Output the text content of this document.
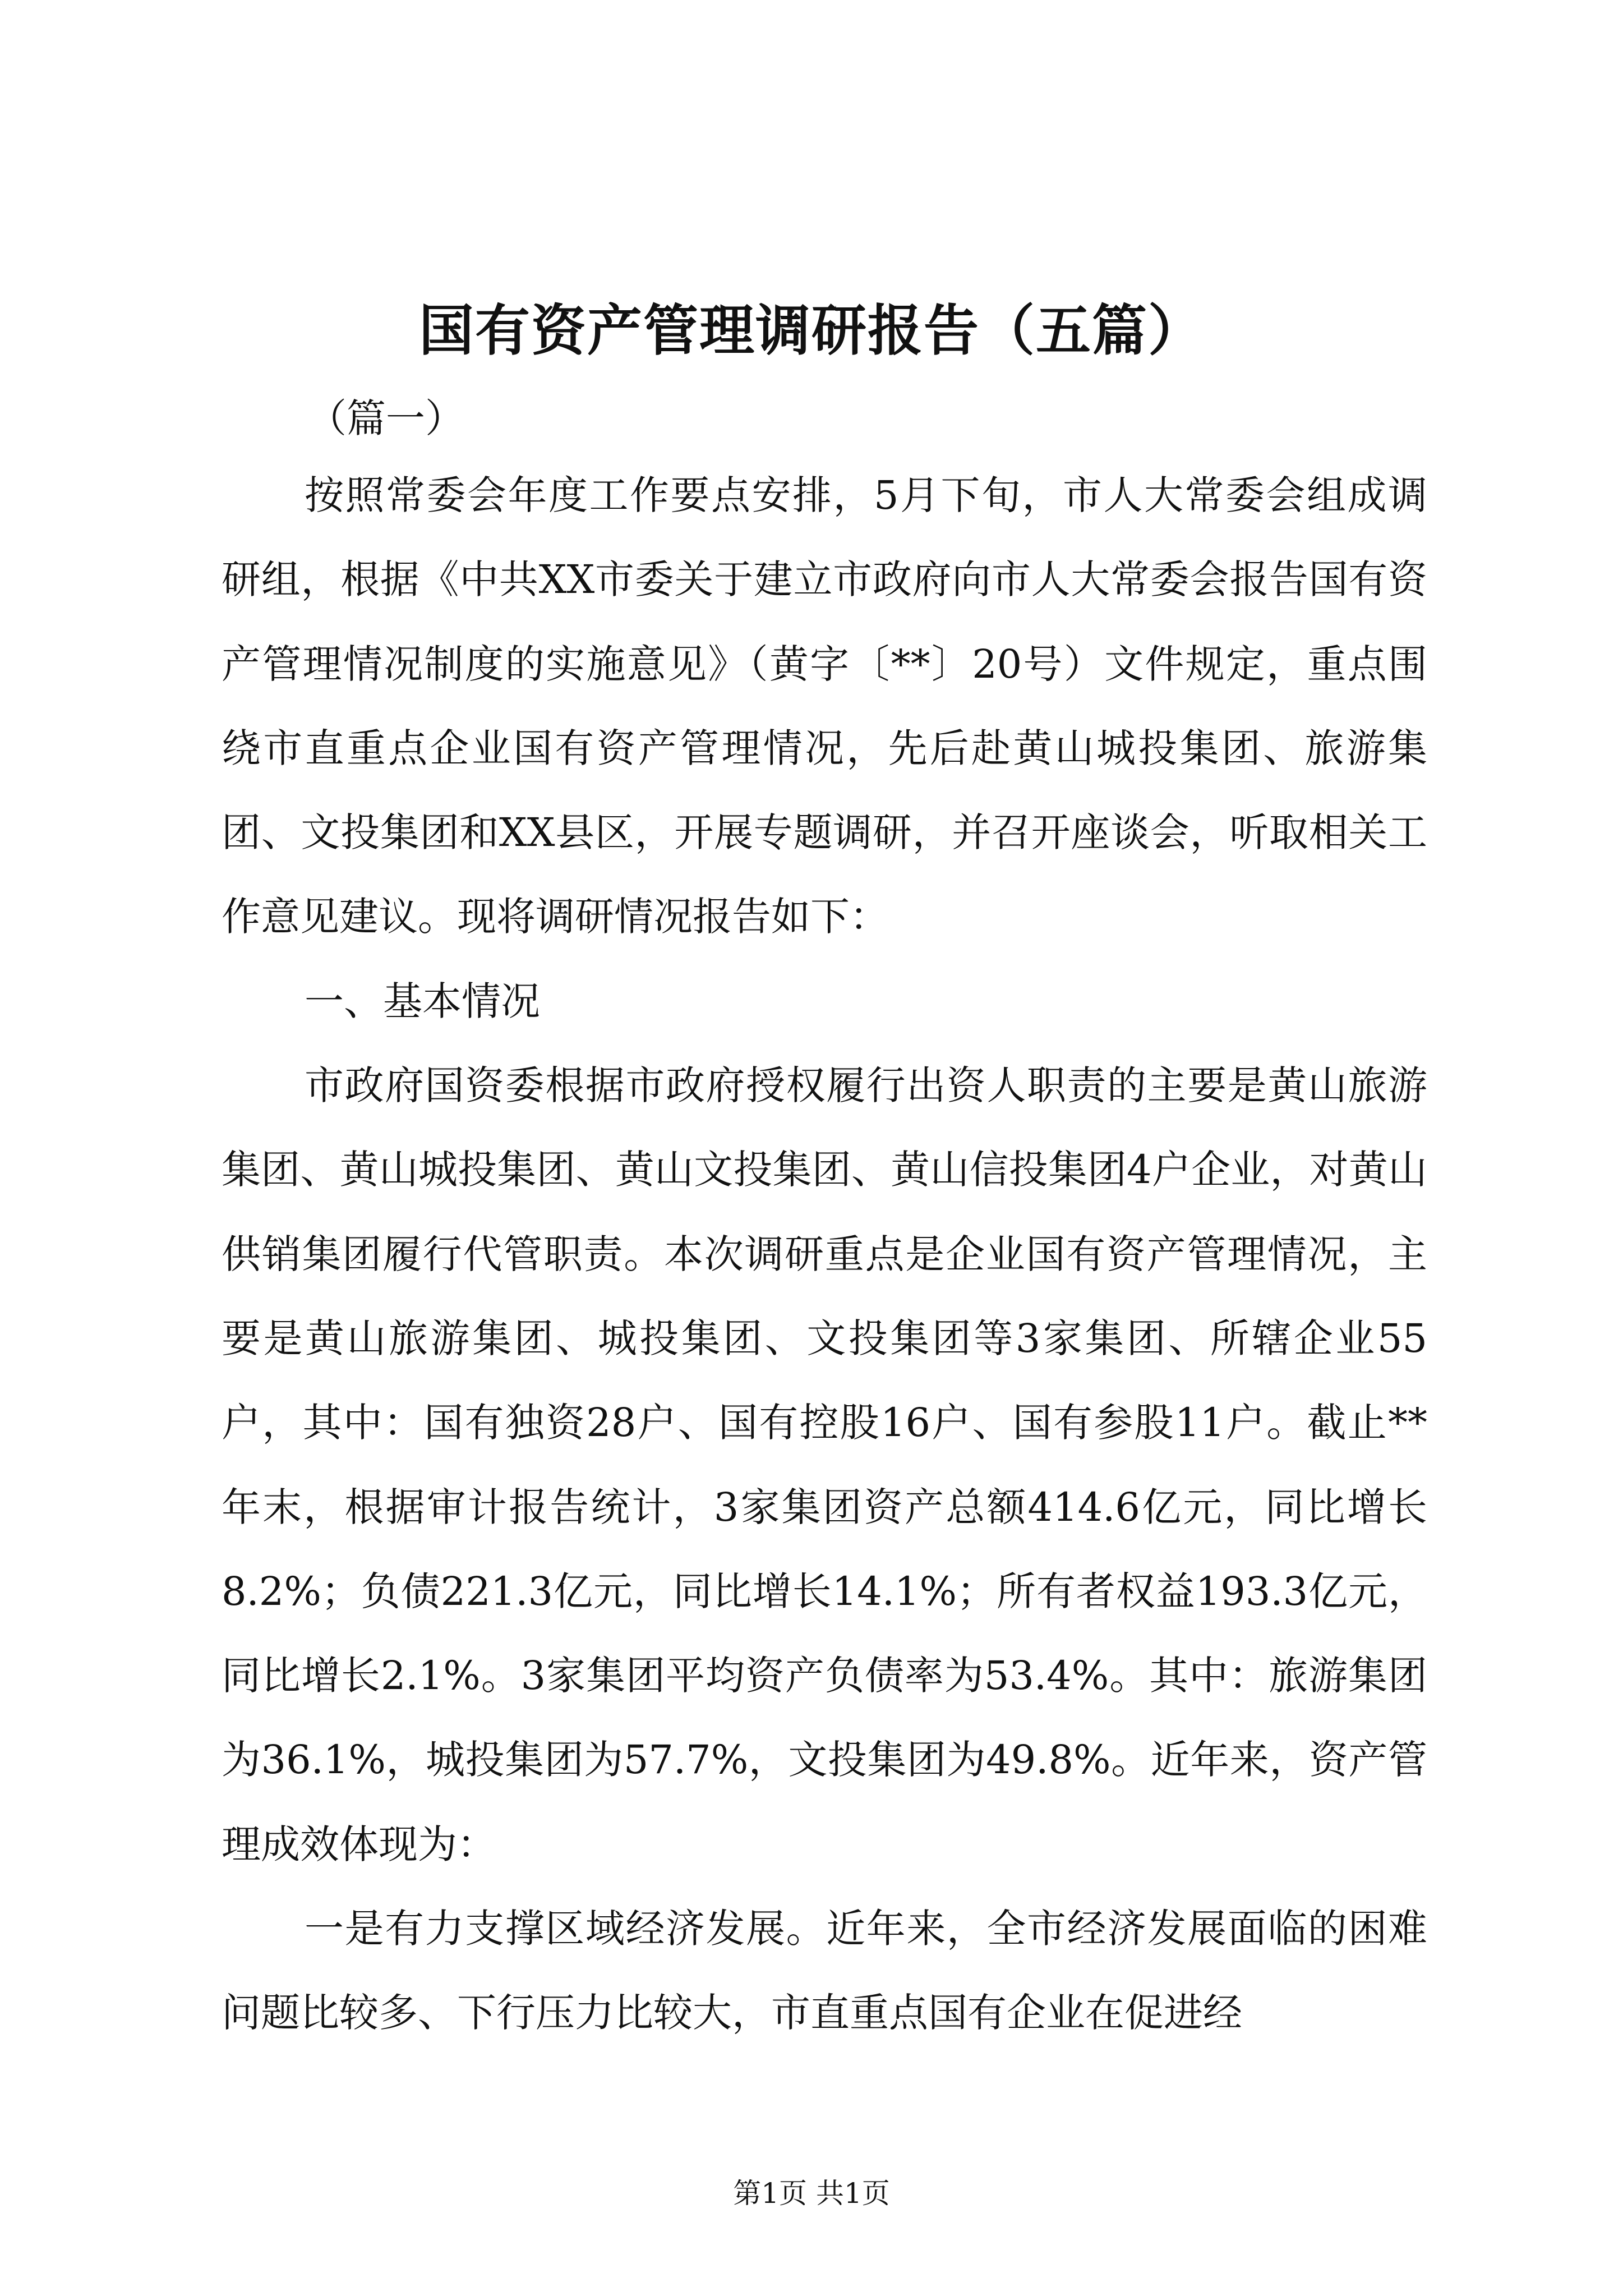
国有资产管理调研报告（五篇）
（篇一）

按照常委会年度工作要点安排，5月下旬，市人大常委会组成调研组，根据《中共XX市委关于建立市政府向市人大常委会报告国有资产管理情况制度的实施意见》（黄字〔**〕20号）文件规定，重点围绕市直重点企业国有资产管理情况，先后赴黄山城投集团、旅游集团、文投集团和XX县区，开展专题调研，并召开座谈会，听取相关工作意见建议。现将调研情况报告如下：

一、基本情况

市政府国资委根据市政府授权履行出资人职责的主要是黄山旅游集团、黄山城投集团、黄山文投集团、黄山信投集团4户企业，对黄山供销集团履行代管职责。本次调研重点是企业国有资产管理情况，主要是黄山旅游集团、城投集团、文投集团等3家集团、所辖企业55户，其中：国有独资28户、国有控股16户、国有参股11户。截止**年末，根据审计报告统计，3家集团资产总额414.6亿元，同比增长8.2%；负债221.3亿元，同比增长14.1%；所有者权益193.3亿元，同比增长2.1%。3家集团平均资产负债率为53.4%。其中：旅游集团为36.1%，城投集团为57.7%，文投集团为49.8%。近年来，资产管理成效体现为：

一是有力支撑区域经济发展。近年来，全市经济发展面临的困难问题比较多、下行压力比较大，市直重点国有企业在促进经

第1页 共1页
